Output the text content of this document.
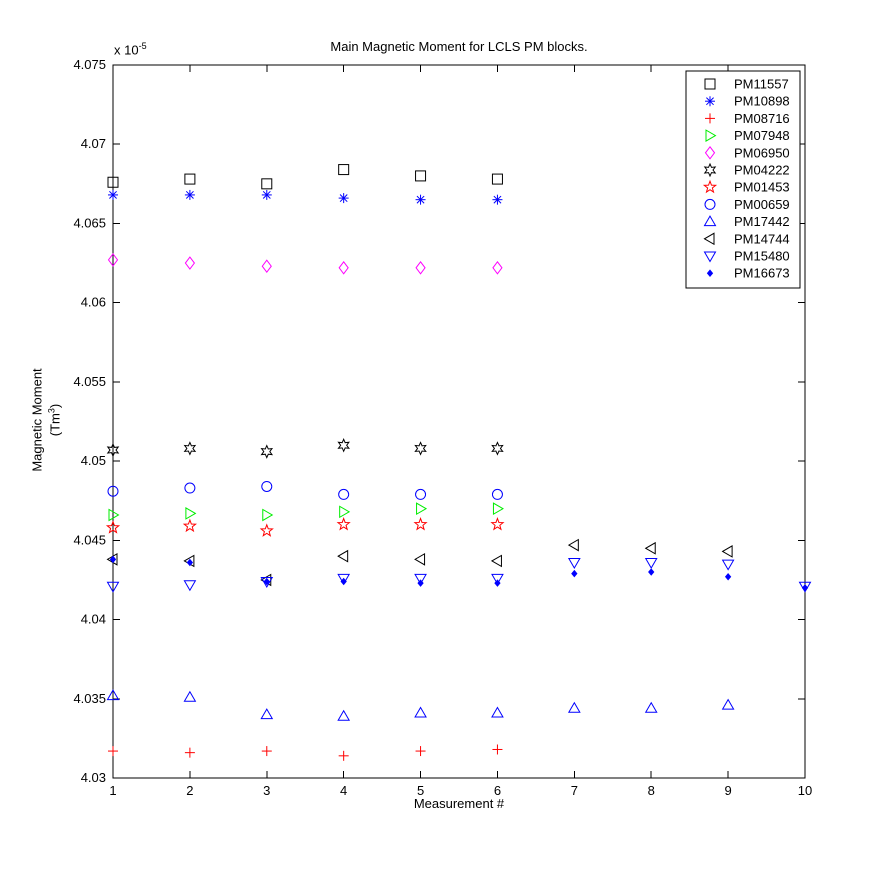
x $10^{-5}$	Main Magnetic Moment for LCLS PM blocks.
Magnetic Moment (Tm$^3$)
Measurement #
1	2	3	4	5	6	7	8	9	10
4.03
4.035
4.04
4.045
4.05
4.055
4.06
4.065
4.07
4.075
PM11557
PM10898
PM08716
PM07948
PM06950
PM04222
PM01453
PM00659
PM17442
PM14744
PM15480
PM16673
